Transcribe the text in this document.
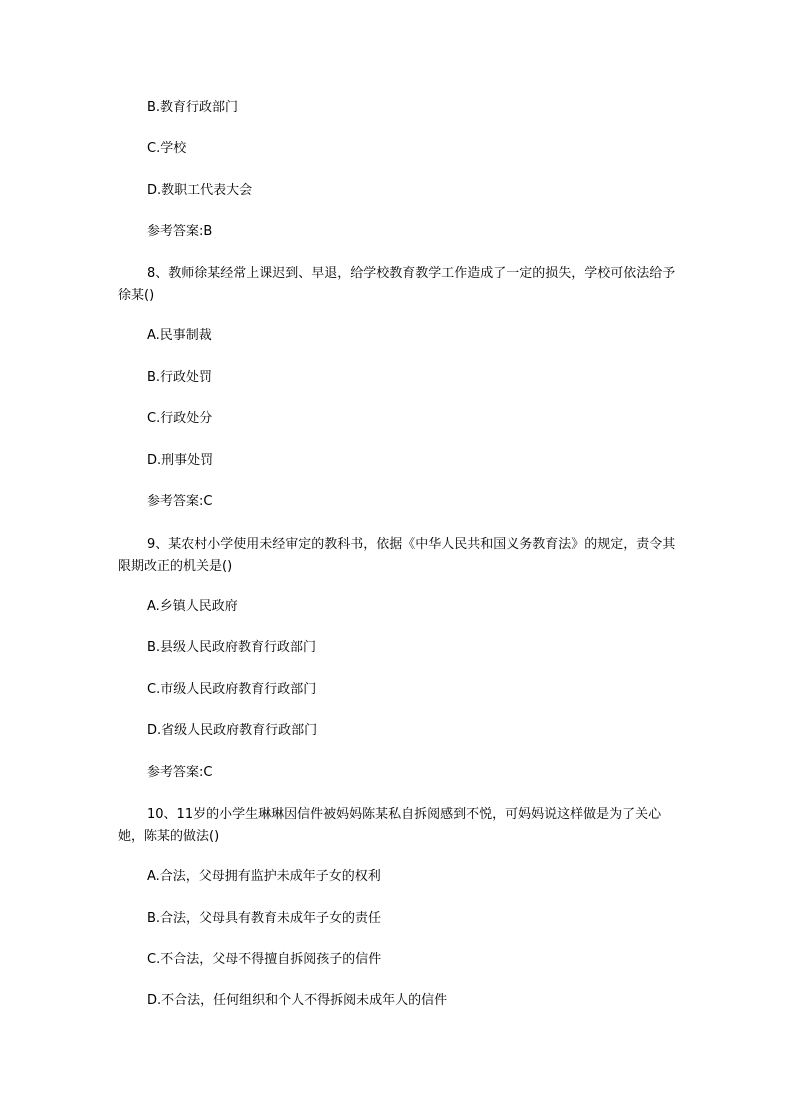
B.教育行政部门
C.学校
D.教职工代表大会
参考答案:B
8、教师徐某经常上课迟到、早退，给学校教育教学工作造成了一定的损失，学校可依法给予徐某()
A.民事制裁
B.行政处罚
C.行政处分
D.刑事处罚
参考答案:C
9、某农村小学使用未经审定的教科书，依据《中华人民共和国义务教育法》的规定，责令其限期改正的机关是()
A.乡镇人民政府
B.县级人民政府教育行政部门
C.市级人民政府教育行政部门
D.省级人民政府教育行政部门
参考答案:C
10、11岁的小学生琳琳因信件被妈妈陈某私自拆阅感到不悦，可妈妈说这样做是为了关心她，陈某的做法()
A.合法，父母拥有监护未成年子女的权利
B.合法，父母具有教育未成年子女的责任
C.不合法，父母不得擅自拆阅孩子的信件
D.不合法，任何组织和个人不得拆阅未成年人的信件
